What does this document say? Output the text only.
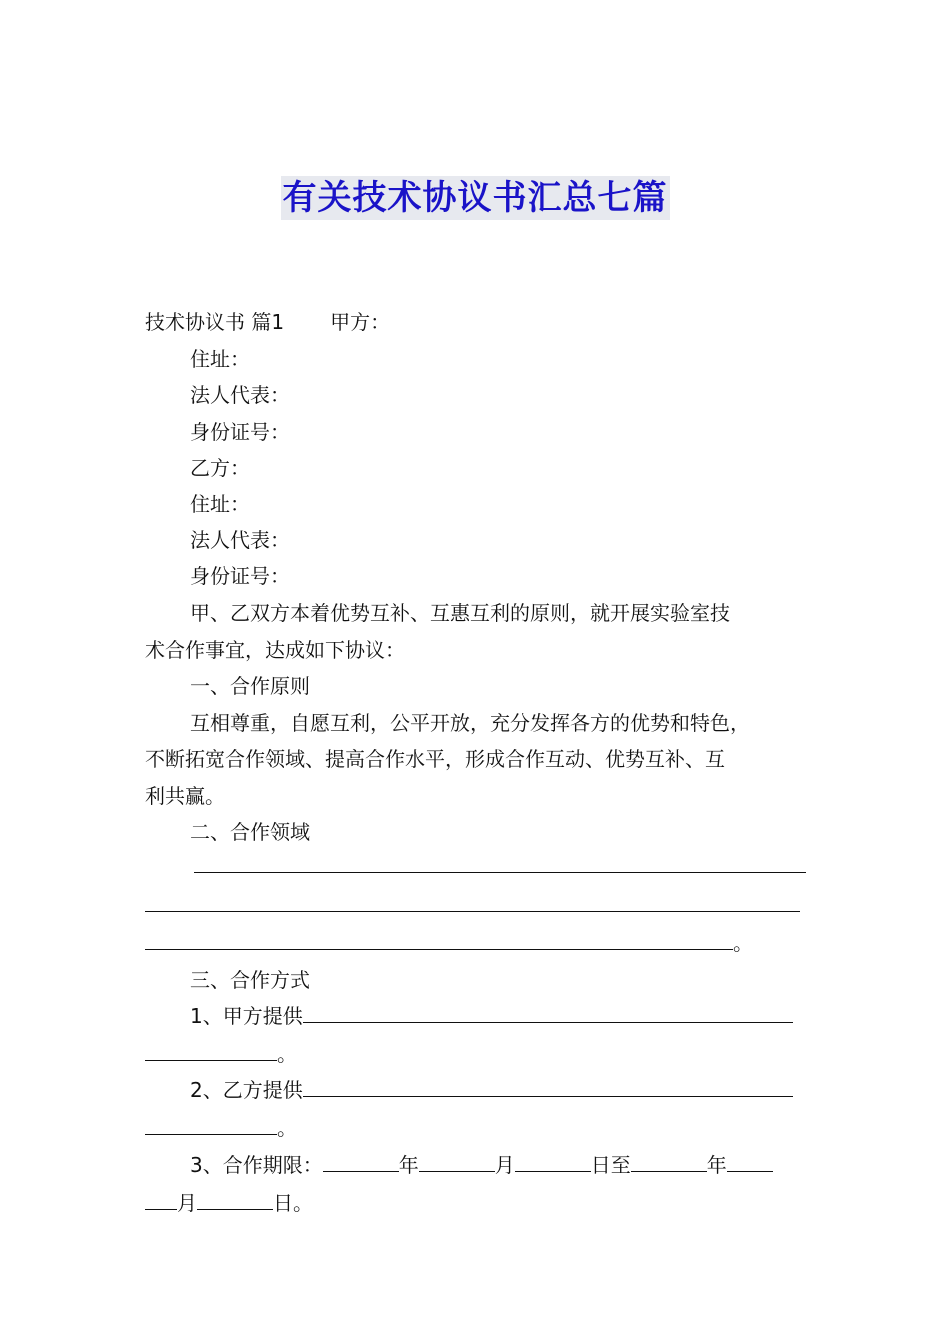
有关技术协议书汇总七篇
技术协议书 篇1 甲方：
住址：
法人代表：
身份证号：
乙方：
住址：
法人代表：
身份证号：
甲、乙双方本着优势互补、互惠互利的原则，就开展实验室技
术合作事宜，达成如下协议：
一、合作原则
互相尊重，自愿互利，公平开放，充分发挥各方的优势和特色，
不断拓宽合作领域、提高合作水平，形成合作互动、优势互补、互
利共赢。
二、合作领域
。
三、合作方式
1、甲方提供
。
2、乙方提供
。
3、合作期限：	年	月	日至	年
月	日。
